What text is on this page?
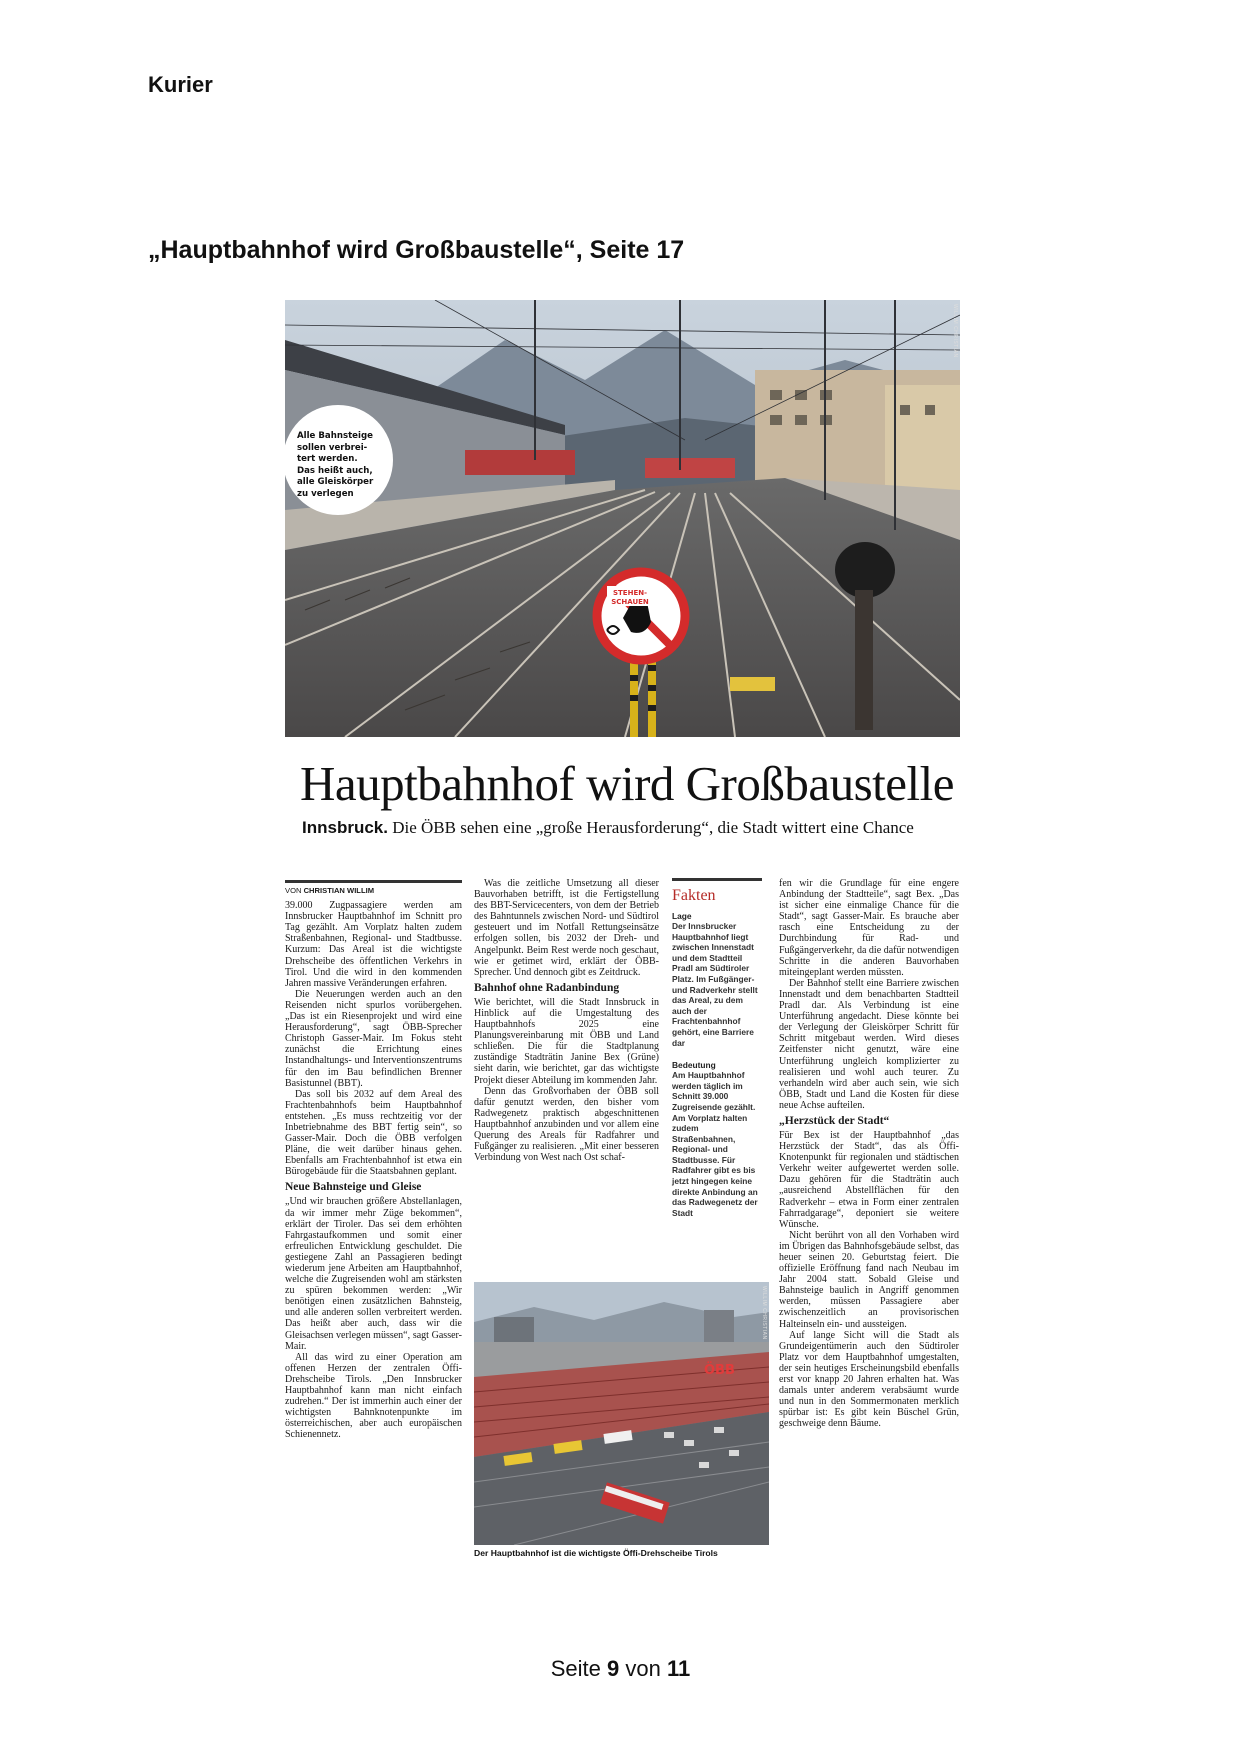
Kurier
„Hauptbahnhof wird Großbaustelle“, Seite 17
STEHEN-
SCHAUEN
WILLIM CHRISTIAN
Alle Bahnsteige
sollen verbrei-
tert werden.
Das heißt auch,
alle Gleiskörper
zu verlegen
Hauptbahnhof wird Großbaustelle
Innsbruck. Die ÖBB sehen eine „große Herausforderung“, die Stadt wittert eine Chance
VON CHRISTIAN WILLIM

39.000 Zugpassagiere werden am Innsbrucker Hauptbahnhof im Schnitt pro Tag gezählt. Am Vorplatz halten zudem Straßenbahnen, Regional- und Stadtbusse. Kurzum: Das Areal ist die wichtigste Drehscheibe des öffentlichen Verkehrs in Tirol. Und die wird in den kommenden Jahren massive Veränderungen erfahren.

Die Neuerungen werden auch an den Reisenden nicht spurlos vorübergehen. „Das ist ein Riesenprojekt und wird eine Herausforderung“, sagt ÖBB-Sprecher Christoph Gasser-Mair. Im Fokus steht zunächst die Errichtung eines Instandhaltungs- und Interventionszentrums für den im Bau befindlichen Brenner Basistunnel (BBT).

Das soll bis 2032 auf dem Areal des Frachtenbahnhofs beim Hauptbahnhof entstehen. „Es muss rechtzeitig vor der Inbetriebnahme des BBT fertig sein“, so Gasser-Mair. Doch die ÖBB verfolgen Pläne, die weit darüber hinaus gehen. Ebenfalls am Frachtenbahnhof ist etwa ein Bürogebäude für die Staatsbahnen geplant.

Neue Bahnsteige und Gleise

„Und wir brauchen größere Abstellanlagen, da wir immer mehr Züge bekommen“, erklärt der Tiroler. Das sei dem erhöhten Fahrgastaufkommen und somit einer erfreulichen Entwicklung geschuldet. Die gestiegene Zahl an Passagieren bedingt wiederum jene Arbeiten am Hauptbahnhof, welche die Zugreisenden wohl am stärksten zu spüren bekommen werden: „Wir benötigen einen zusätzlichen Bahnsteig, und alle anderen sollen verbreitert werden. Das heißt aber auch, dass wir die Gleisachsen verlegen müssen“, sagt Gasser-Mair.

All das wird zu einer Operation am offenen Herzen der zentralen Öffi-Drehscheibe Tirols. „Den Innsbrucker Hauptbahnhof kann man nicht einfach zudrehen.“ Der ist immerhin auch einer der wichtigsten Bahnknotenpunkte im österreichischen, aber auch europäischen Schienennetz.

Was die zeitliche Umsetzung all dieser Bauvorhaben betrifft, ist die Fertigstellung des BBT-Servicecenters, von dem der Betrieb des Bahntunnels zwischen Nord- und Südtirol gesteuert und im Notfall Rettungseinsätze erfolgen sollen, bis 2032 der Dreh- und Angelpunkt. Beim Rest werde noch geschaut, wie er getimet wird, erklärt der ÖBB-Sprecher. Und dennoch gibt es Zeitdruck.

Bahnhof ohne Radanbindung

Wie berichtet, will die Stadt Innsbruck in Hinblick auf die Umgestaltung des Hauptbahnhofs 2025 eine Planungsvereinbarung mit ÖBB und Land schließen. Die für die Stadtplanung zuständige Stadträtin Janine Bex (Grüne) sieht darin, wie berichtet, gar das wichtigste Projekt dieser Abteilung im kommenden Jahr.

Denn das Großvorhaben der ÖBB soll dafür genutzt werden, den bisher vom Radwegenetz praktisch abgeschnittenen Hauptbahnhof anzubinden und vor allem eine Querung des Areals für Radfahrer und Fußgänger zu realisieren. „Mit einer besseren Verbindung von West nach Ost schaf-

Fakten
Lage
Der Innsbrucker Hauptbahnhof liegt zwischen Innenstadt und dem Stadtteil Pradl am Südtiroler Platz. Im Fußgänger- und Radverkehr stellt das Areal, zu dem auch der Frachtenbahnhof gehört, eine Barriere dar
Bedeutung
Am Hauptbahnhof werden täglich im Schnitt 39.000 Zugreisende gezählt. Am Vorplatz halten zudem Straßenbahnen, Regional- und Stadtbusse. Für Radfahrer gibt es bis jetzt hingegen keine direkte Anbindung an das Radwegenetz der Stadt

fen wir die Grundlage für eine engere Anbindung der Stadtteile“, sagt Bex. „Das ist sicher eine einmalige Chance für die Stadt“, sagt Gasser-Mair. Es brauche aber rasch eine Entscheidung zu der Durchbindung für Rad- und Fußgängerverkehr, da die dafür notwendigen Schritte in die anderen Bauvorhaben miteingeplant werden müssten.

Der Bahnhof stellt eine Barriere zwischen Innenstadt und dem benachbarten Stadtteil Pradl dar. Als Verbindung ist eine Unterführung angedacht. Diese könnte bei der Verlegung der Gleiskörper Schritt für Schritt mitgebaut werden. Wird dieses Zeitfenster nicht genutzt, wäre eine Unterführung ungleich komplizierter zu realisieren und wohl auch teurer. Zu verhandeln wird aber auch sein, wie sich ÖBB, Stadt und Land die Kosten für diese neue Achse aufteilen.

„Herzstück der Stadt“

Für Bex ist der Hauptbahnhof „das Herzstück der Stadt“, das als Öffi-Knotenpunkt für regionalen und städtischen Verkehr weiter aufgewertet werden solle. Dazu gehören für die Stadträtin auch „ausreichend Abstellflächen für den Radverkehr – etwa in Form einer zentralen Fahrradgarage“, deponiert sie weitere Wünsche.

Nicht berührt von all den Vorhaben wird im Übrigen das Bahnhofsgebäude selbst, das heuer seinen 20. Geburtstag feiert. Die offizielle Eröffnung fand nach Neubau im Jahr 2004 statt. Sobald Gleise und Bahnsteige baulich in Angriff genommen werden, müssen Passagiere aber zwischenzeitlich an provisorischen Halteinseln ein- und aussteigen.

Auf lange Sicht will die Stadt als Grundeigentümerin auch den Südtiroler Platz vor dem Hauptbahnhof umgestalten, der sein heutiges Erscheinungsbild ebenfalls erst vor knapp 20 Jahren erhalten hat. Was damals unter anderem verabsäumt wurde und nun in den Sommermonaten merklich spürbar ist: Es gibt kein Büschel Grün, geschweige denn Bäume.

ÖBB
WILLIM CHRISTIAN
Der Hauptbahnhof ist die wichtigste Öffi-Drehscheibe Tirols
Seite 9 von 11
